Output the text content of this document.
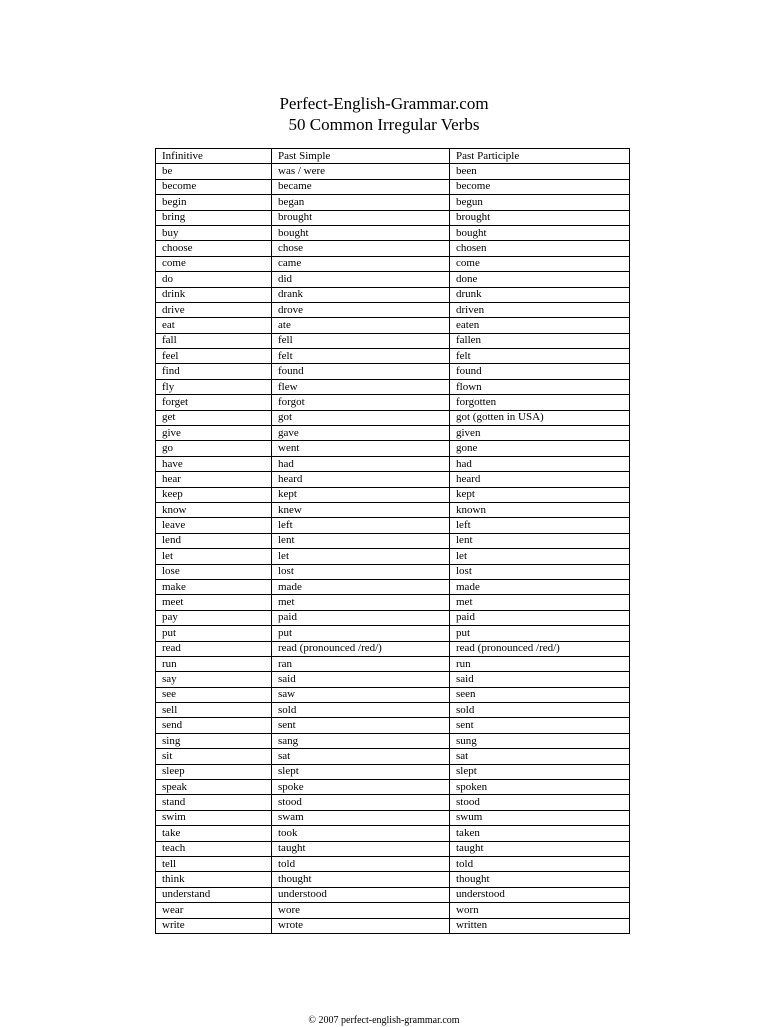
Perfect-English-Grammar.com
50 Common Irregular Verbs
Infinitive	Past Simple	Past Participle
be	was / were	been
become	became	become
begin	began	begun
bring	brought	brought
buy	bought	bought
choose	chose	chosen
come	came	come
do	did	done
drink	drank	drunk
drive	drove	driven
eat	ate	eaten
fall	fell	fallen
feel	felt	felt
find	found	found
fly	flew	flown
forget	forgot	forgotten
get	got	got (gotten in USA)
give	gave	given
go	went	gone
have	had	had
hear	heard	heard
keep	kept	kept
know	knew	known
leave	left	left
lend	lent	lent
let	let	let
lose	lost	lost
make	made	made
meet	met	met
pay	paid	paid
put	put	put
read	read (pronounced /red/)	read (pronounced /red/)
run	ran	run
say	said	said
see	saw	seen
sell	sold	sold
send	sent	sent
sing	sang	sung
sit	sat	sat
sleep	slept	slept
speak	spoke	spoken
stand	stood	stood
swim	swam	swum
take	took	taken
teach	taught	taught
tell	told	told
think	thought	thought
understand	understood	understood
wear	wore	worn
write	wrote	written
© 2007 perfect-english-grammar.com
